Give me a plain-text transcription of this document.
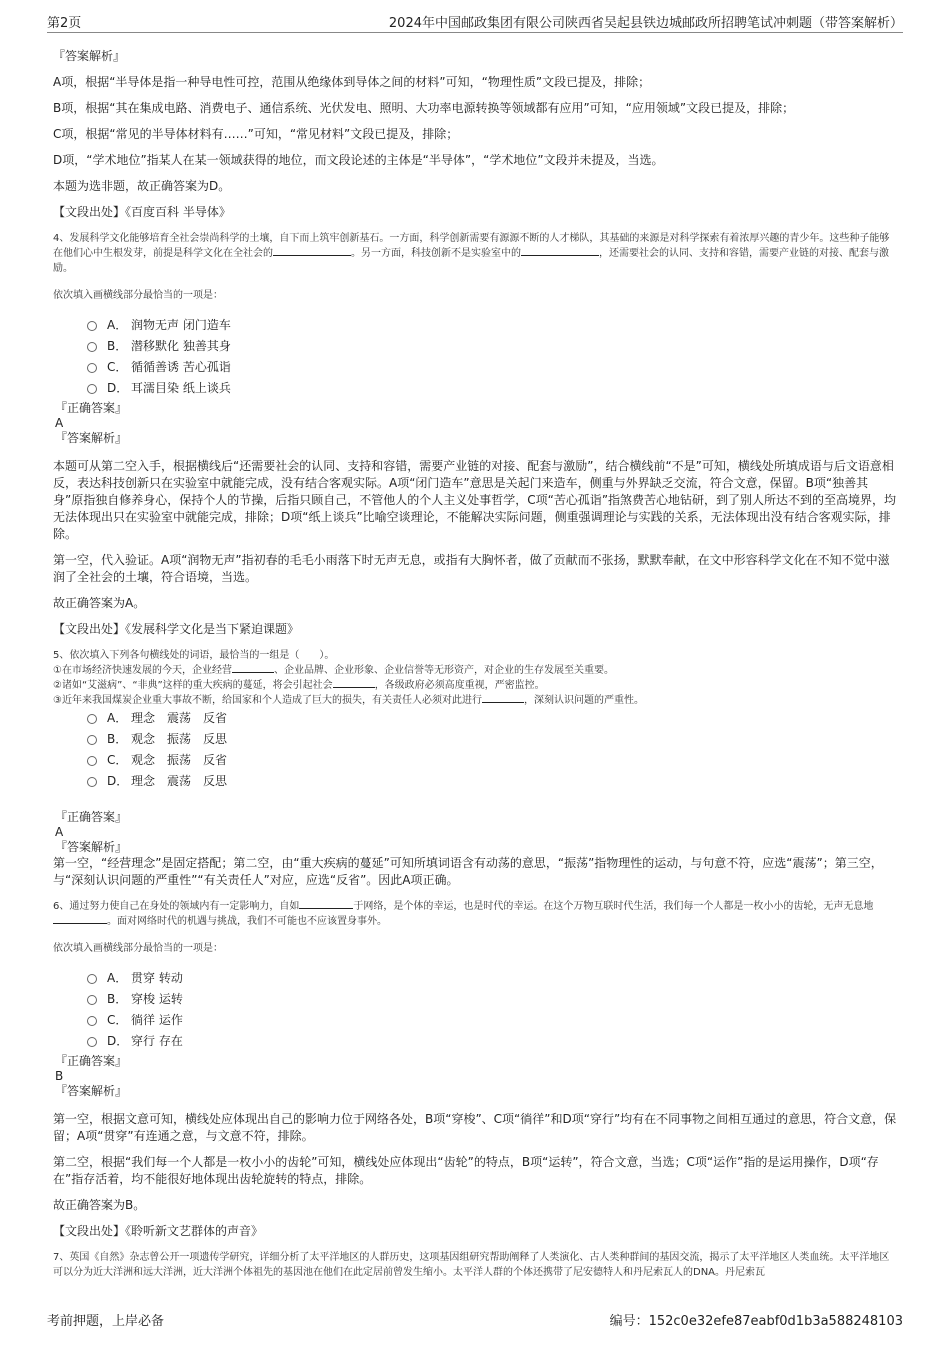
第2页	2024年中国邮政集团有限公司陕西省吴起县铁边城邮政所招聘笔试冲刺题（带答案解析）

『答案解析』

A项，根据“半导体是指一种导电性可控，范围从绝缘体到导体之间的材料”可知，“物理性质”文段已提及，排除；

B项，根据“其在集成电路、消费电子、通信系统、光伏发电、照明、大功率电源转换等领域都有应用”可知，“应用领域”文段已提及，排除；

C项，根据“常见的半导体材料有……”可知，“常见材料”文段已提及，排除；

D项，“学术地位”指某人在某一领域获得的地位，而文段论述的主体是“半导体”，“学术地位”文段并未提及，当选。

本题为选非题，故正确答案为D。

【文段出处】《百度百科 半导体》

4、发展科学文化能够培育全社会崇尚科学的土壤，自下而上筑牢创新基石。一方面，科学创新需要有源源不断的人才梯队，其基础的来源是对科学探索有着浓厚兴趣的青少年。这些种子能够在他们心中生根发芽，前提是科学文化在全社会的	。另一方面，科技创新不是实验室中的	，还需要社会的认同、支持和容错，需要产业链的对接、配套与激励。

依次填入画横线部分最恰当的一项是：

A． 润物无声 闭门造车
B． 潜移默化 独善其身
C． 循循善诱 苦心孤诣
D． 耳濡目染 纸上谈兵

『正确答案』

A

『答案解析』

本题可从第二空入手，根据横线后“还需要社会的认同、支持和容错，需要产业链的对接、配套与激励”，结合横线前“不是”可知，横线处所填成语与后文语意相反，表达科技创新只在实验室中就能完成，没有结合客观实际。A项“闭门造车”意思是关起门来造车，侧重与外界缺乏交流，符合文意，保留。B项“独善其身”原指独自修养身心，保持个人的节操，后指只顾自己，不管他人的个人主义处事哲学，C项“苦心孤诣”指煞费苦心地钻研，到了别人所达不到的至高境界，均无法体现出只在实验室中就能完成，排除；D项“纸上谈兵”比喻空谈理论，不能解决实际问题，侧重强调理论与实践的关系，无法体现出没有结合客观实际，排除。

第一空，代入验证。A项“润物无声”指初春的毛毛小雨落下时无声无息，或指有大胸怀者，做了贡献而不张扬，默默奉献，在文中形容科学文化在不知不觉中滋润了全社会的土壤，符合语境，当选。

故正确答案为A。

【文段出处】《发展科学文化是当下紧迫课题》

5、依次填入下列各句横线处的词语，最恰当的一组是（　　）。

①在市场经济快速发展的今天，企业经营	、企业品牌、企业形象、企业信誉等无形资产，对企业的生存发展至关重要。

②诸如“艾滋病”、“非典”这样的重大疾病的蔓延，将会引起社会	，各级政府必须高度重视，严密监控。

③近年来我国煤炭企业重大事故不断，给国家和个人造成了巨大的损失，有关责任人必须对此进行	，深刻认识问题的严重性。

A． 理念　震荡　反省
B． 观念　振荡　反思
C． 观念　振荡　反省
D． 理念　震荡　反思

『正确答案』

A

『答案解析』

第一空，“经营理念”是固定搭配；第二空，由“重大疾病的蔓延”可知所填词语含有动荡的意思，“振荡”指物理性的运动，与句意不符，应选“震荡”；第三空，与“深刻认识问题的严重性”“有关责任人”对应，应选“反省”。因此A项正确。

6、通过努力使自己在身处的领域内有一定影响力，自如	于网络，是个体的幸运，也是时代的幸运。在这个万物互联时代生活，我们每一个人都是一枚小小的齿轮，无声无息地。面对网络时代的机遇与挑战，我们不可能也不应该置身事外。

依次填入画横线部分最恰当的一项是：

A． 贯穿 转动
B． 穿梭 运转
C． 徜徉 运作
D． 穿行 存在

『正确答案』

B

『答案解析』

第一空，根据文意可知，横线处应体现出自己的影响力位于网络各处，B项“穿梭”、C项“徜徉”和D项“穿行”均有在不同事物之间相互通过的意思，符合文意，保留；A项“贯穿”有连通之意，与文意不符，排除。

第二空，根据“我们每一个人都是一枚小小的齿轮”可知，横线处应体现出“齿轮”的特点，B项“运转”，符合文意，当选；C项“运作”指的是运用操作，D项“存在”指存活着，均不能很好地体现出齿轮旋转的特点，排除。

故正确答案为B。

【文段出处】《聆听新文艺群体的声音》

7、英国《自然》杂志曾公开一项遗传学研究，详细分析了太平洋地区的人群历史，这项基因组研究帮助阐释了人类演化、古人类种群间的基因交流，揭示了太平洋地区人类血统。太平洋地区可以分为近大洋洲和远大洋洲，近大洋洲个体祖先的基因池在他们在此定居前曾发生缩小。太平洋人群的个体还携带了尼安德特人和丹尼索瓦人的DNA。丹尼索瓦

考前押题，上岸必备	编号：152c0e32efe87eabf0d1b3a588248103
